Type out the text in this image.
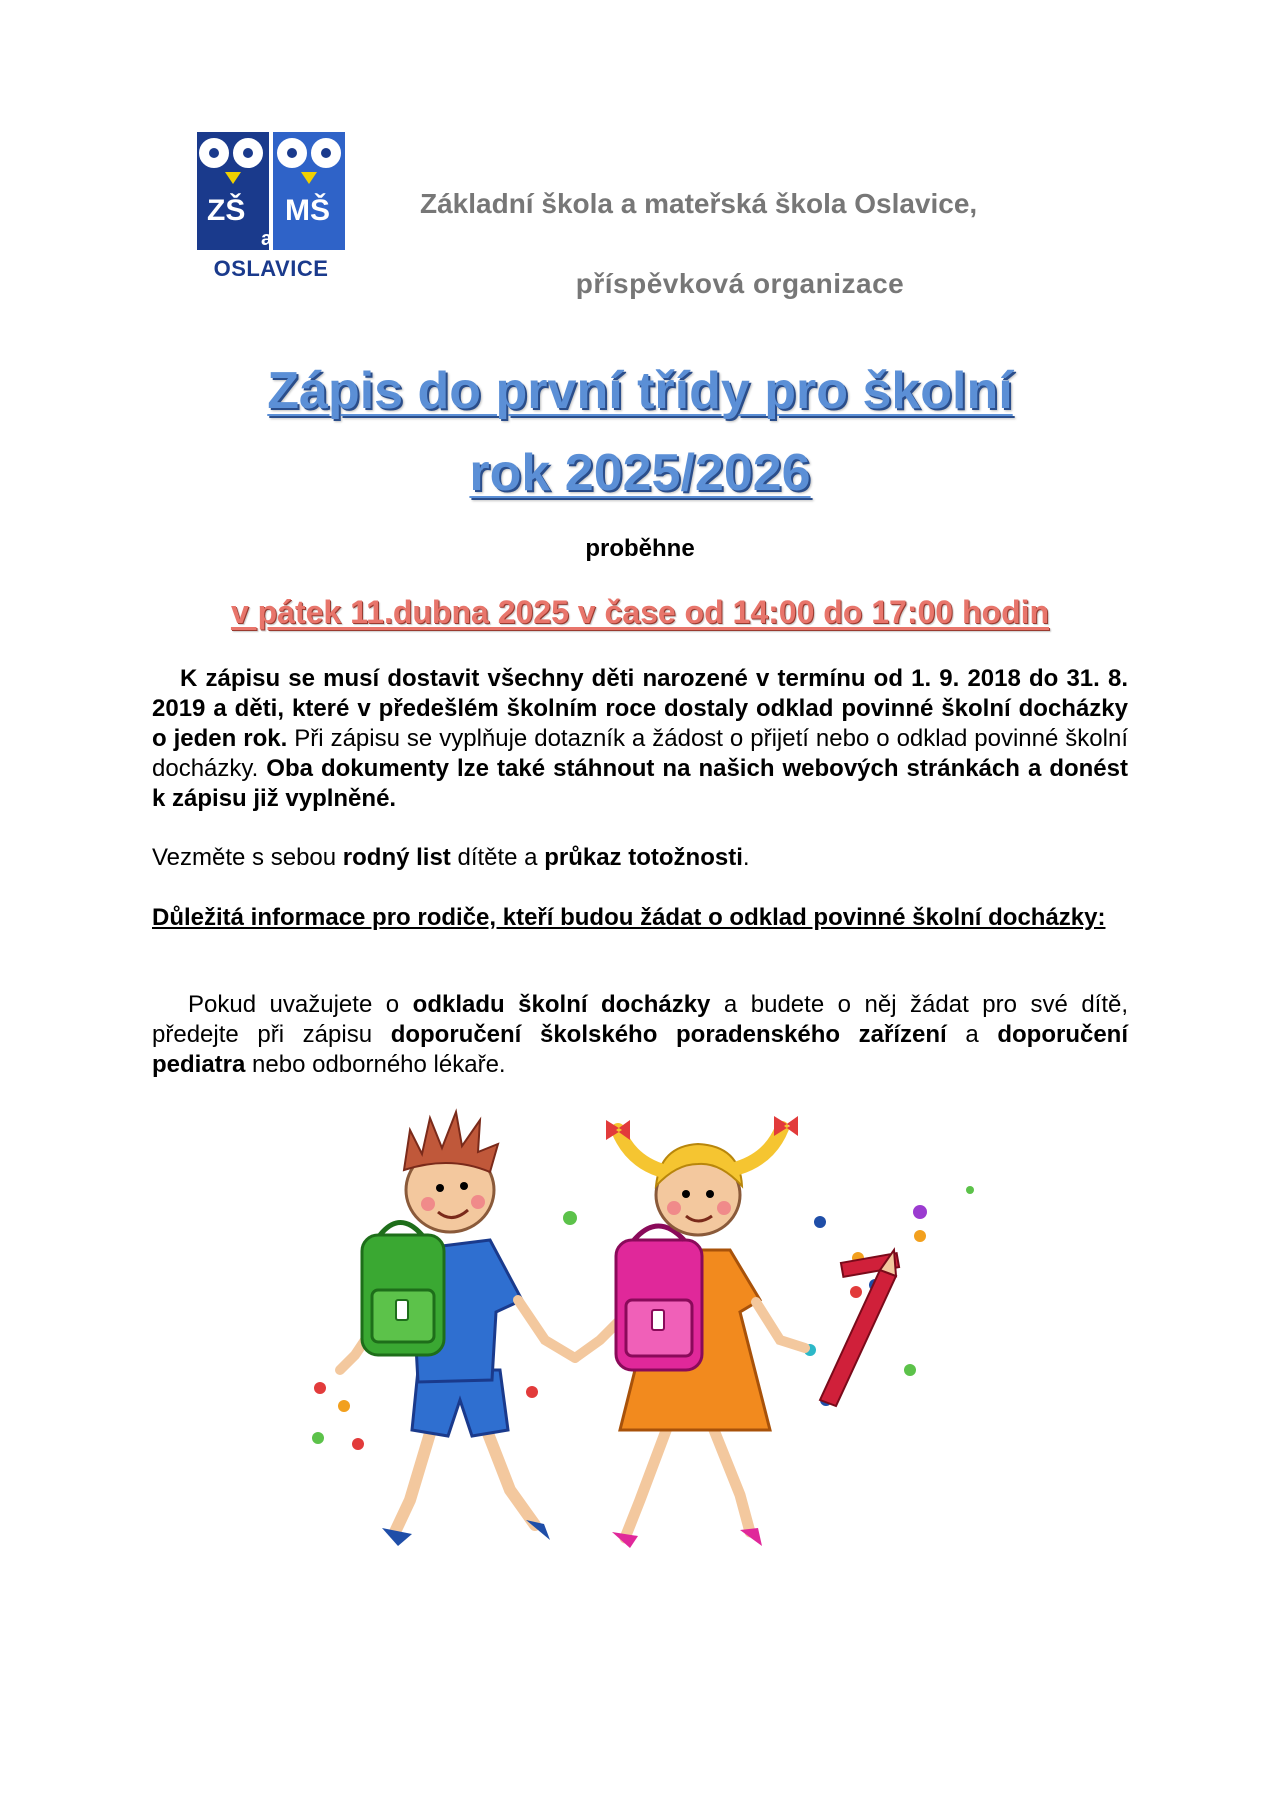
ZŠ MŠ
a
OSLAVICE
Základní škola a mateřská škola Oslavice,
příspěvková organizace
Zápis do první třídy pro školní
rok 2025/2026
proběhne
v pátek 11.dubna 2025 v čase od 14:00 do 17:00 hodin
K zápisu se musí dostavit všechny děti narozené v termínu od 1. 9. 2018 do 31. 8. 2019 a děti, které v předešlém školním roce dostaly odklad povinné školní docházky o jeden rok. Při zápisu se vyplňuje dotazník a žádost o přijetí nebo o odklad povinné školní docházky. Oba dokumenty lze také stáhnout na našich webových stránkách a donést k zápisu již vyplněné.
Vezměte s sebou rodný list dítěte a průkaz totožnosti.
Důležitá informace pro rodiče, kteří budou žádat o odklad povinné školní docházky:
Pokud uvažujete o odkladu školní docházky a budete o něj žádat pro své dítě, předejte při zápisu doporučení školského poradenského zařízení a doporučení pediatra nebo odborného lékaře.
